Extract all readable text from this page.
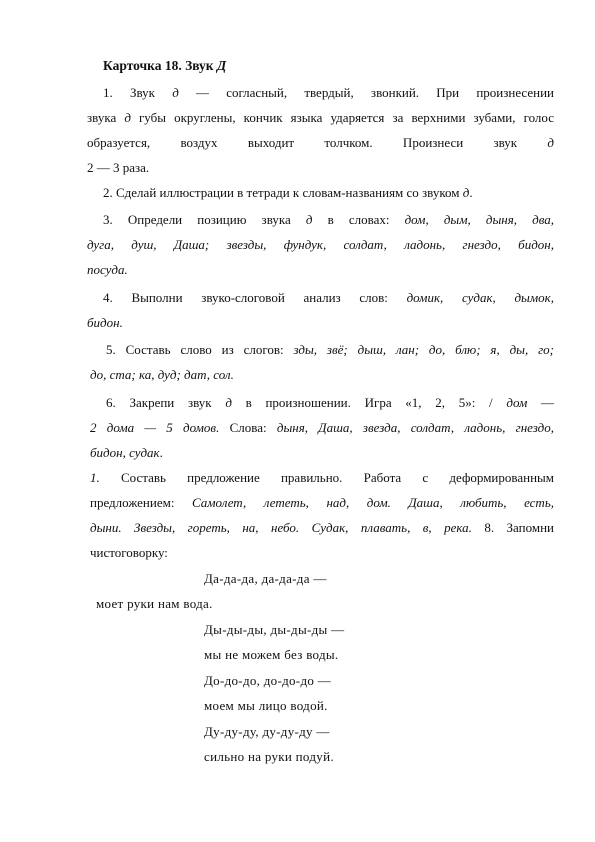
Карточка 18. Звук Д
1. Звук д — согласный, твердый, звонкий. При произнесении
звука д губы округлены, кончик языка ударяется за верхними зубами, голос
образуется, воздух выходит толчком. Произнеси звук д
2 — 3 раза.
2. Сделай иллюстрации в тетради к словам-названиям со звуком д.
3. Определи позицию звука д в словах: дом, дым, дыня, два,
дуга, душ, Даша; звезды, фундук, солдат, ладонь, гнездо, бидон,
посуда.
4. Выполни звуко-слоговой анализ слов: домик, судак, дымок,
бидон.
5. Составь слово из слогов: зды, звё; дыш, лан; до, блю; я, ды, го;
до, ста; ка, дуд; дат, сол.
6. Закрепи звук д в произношении. Игра «1, 2, 5»: / дом —
2 дома — 5 домов. Слова: дыня, Даша, звезда, солдат, ладонь, гнездо,
бидон, судак.
1. Составь предложение правильно. Работа с деформированным
предложением: Самолет, лететь, над, дом. Даша, любить, есть,
дыни. Звезды, гореть, на, небо. Судак, плавать, в, река. 8. Запомни
чистоговорку:
Да-да-да, да-да-да —
моет руки нам вода.
Ды-ды-ды, ды-ды-ды —
мы не можем без воды.
До-до-до, до-до-до —
моем мы лицо водой.
Ду-ду-ду, ду-ду-ду —
сильно на руки подуй.
